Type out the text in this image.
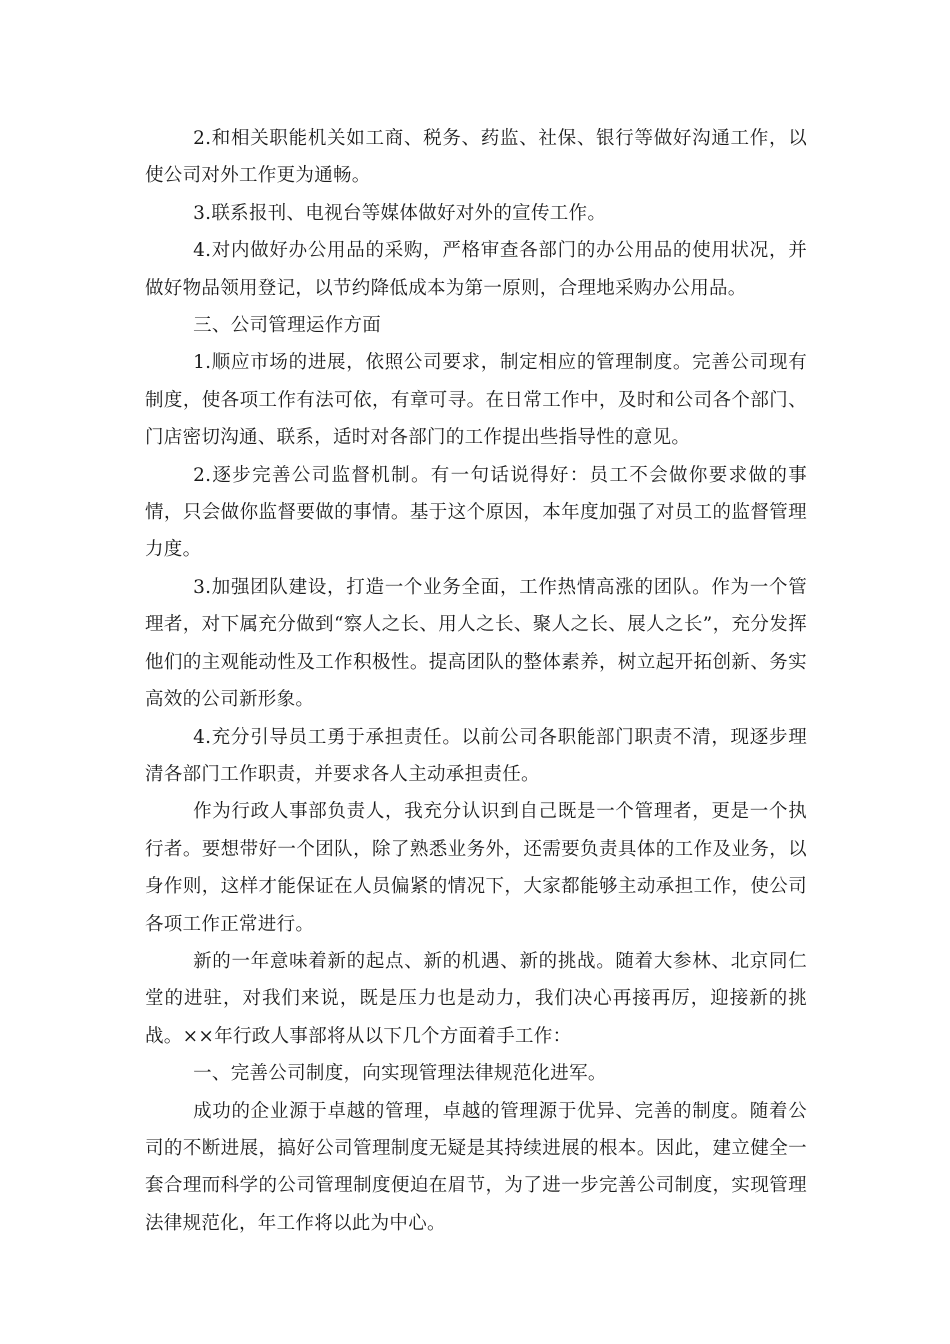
2.和相关职能机关如工商、税务、药监、社保、银行等做好沟通工作，以使公司对外工作更为通畅。

3.联系报刊、电视台等媒体做好对外的宣传工作。

4.对内做好办公用品的采购，严格审查各部门的办公用品的使用状况，并做好物品领用登记，以节约降低成本为第一原则，合理地采购办公用品。

三、公司管理运作方面

1.顺应市场的进展，依照公司要求，制定相应的管理制度。完善公司现有制度，使各项工作有法可依，有章可寻。在日常工作中，及时和公司各个部门、门店密切沟通、联系，适时对各部门的工作提出些指导性的意见。

2.逐步完善公司监督机制。有一句话说得好：员工不会做你要求做的事情，只会做你监督要做的事情。基于这个原因，本年度加强了对员工的监督管理力度。

3.加强团队建设，打造一个业务全面，工作热情高涨的团队。作为一个管理者，对下属充分做到“察人之长、用人之长、聚人之长、展人之长”，充分发挥他们的主观能动性及工作积极性。提高团队的整体素养，树立起开拓创新、务实高效的公司新形象。

4.充分引导员工勇于承担责任。以前公司各职能部门职责不清，现逐步理清各部门工作职责，并要求各人主动承担责任。

作为行政人事部负责人，我充分认识到自己既是一个管理者，更是一个执行者。要想带好一个团队，除了熟悉业务外，还需要负责具体的工作及业务，以身作则，这样才能保证在人员偏紧的情况下，大家都能够主动承担工作，使公司各项工作正常进行。

新的一年意味着新的起点、新的机遇、新的挑战。随着大参林、北京同仁堂的进驻，对我们来说，既是压力也是动力，我们决心再接再厉，迎接新的挑战。××年行政人事部将从以下几个方面着手工作：

一、完善公司制度，向实现管理法律规范化进军。

成功的企业源于卓越的管理，卓越的管理源于优异、完善的制度。随着公司的不断进展，搞好公司管理制度无疑是其持续进展的根本。因此，建立健全一套合理而科学的公司管理制度便迫在眉节，为了进一步完善公司制度，实现管理法律规范化，年工作将以此为中心。
